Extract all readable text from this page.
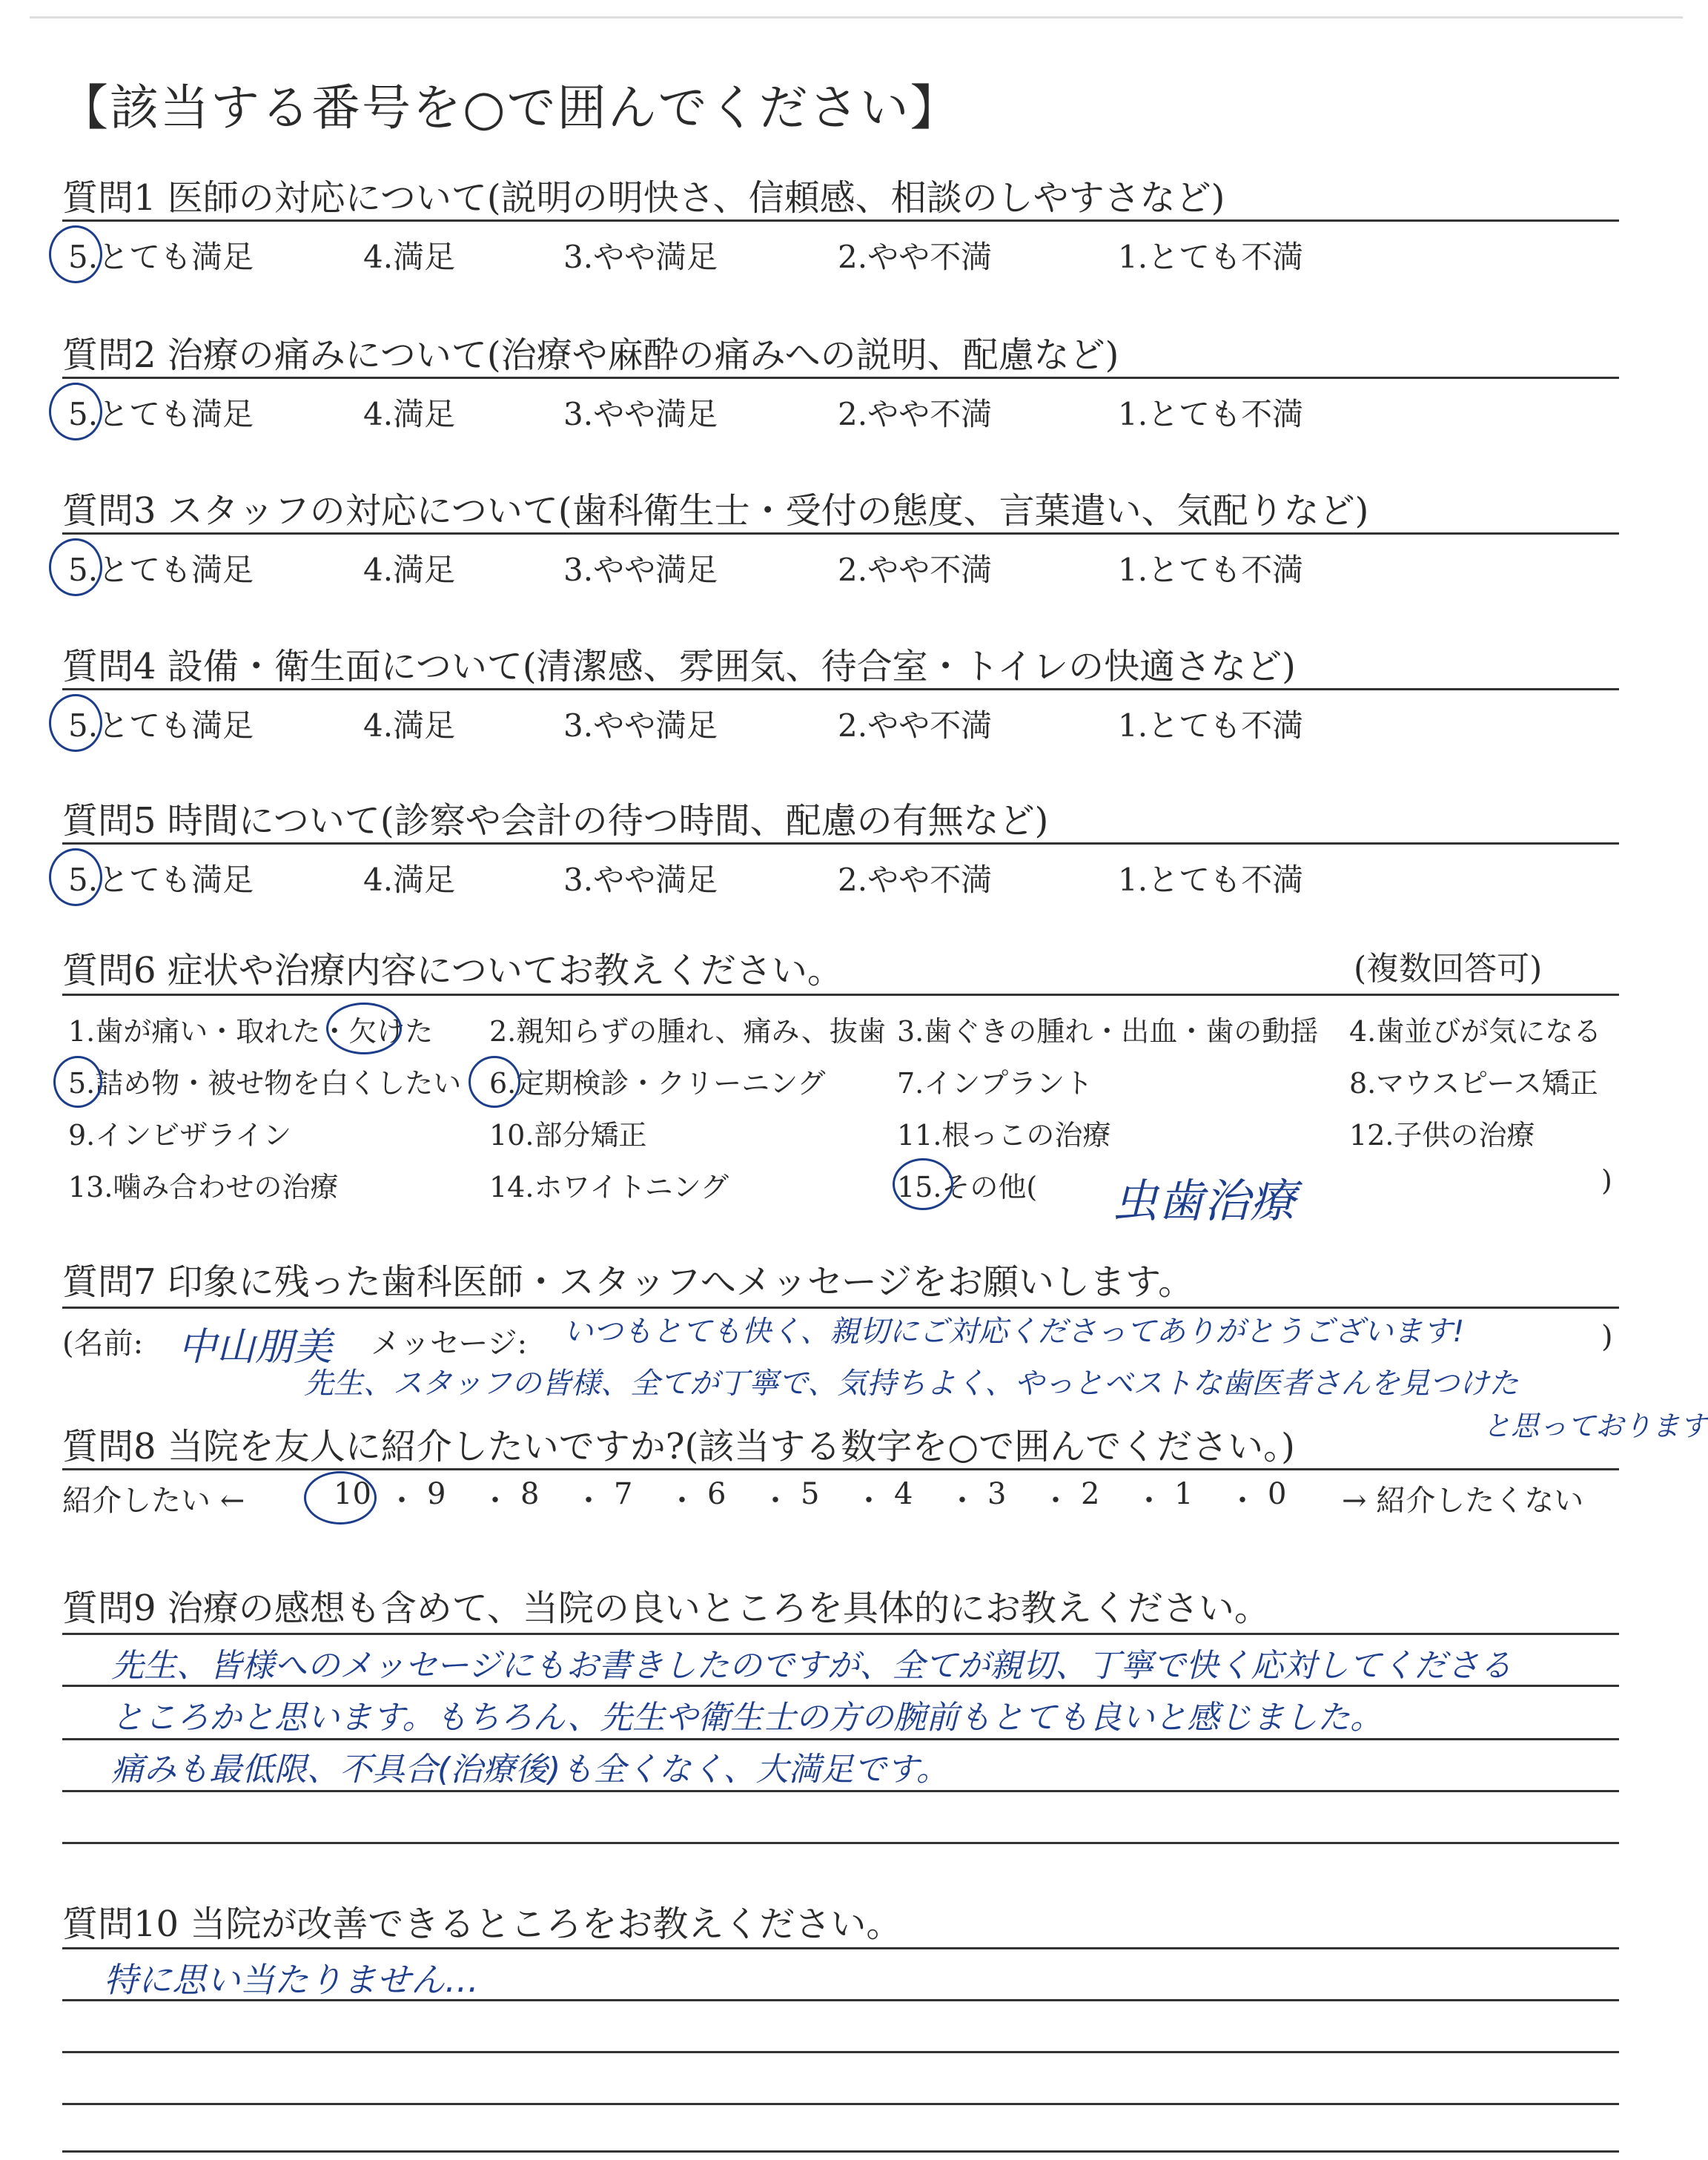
【該当する番号を○で囲んでください】
質問1 医師の対応について(説明の明快さ、信頼感、相談のしやすさなど)
5.とても満足	4.満足	3.やや満足	2.やや不満	1.とても不満
質問2 治療の痛みについて(治療や麻酔の痛みへの説明、配慮など)
5.とても満足	4.満足	3.やや満足	2.やや不満	1.とても不満
質問3 スタッフの対応について(歯科衛生士・受付の態度、言葉遣い、気配りなど)
5.とても満足	4.満足	3.やや満足	2.やや不満	1.とても不満
質問4 設備・衛生面について(清潔感、雰囲気、待合室・トイレの快適さなど)
5.とても満足	4.満足	3.やや満足	2.やや不満	1.とても不満
質問5 時間について(診察や会計の待つ時間、配慮の有無など)
5.とても満足	4.満足	3.やや満足	2.やや不満	1.とても不満
質問6 症状や治療内容についてお教えください。	(複数回答可)
1.歯が痛い・取れた・欠けた 2.親知らずの腫れ、痛み、抜歯 3.歯ぐきの腫れ・出血・歯の動揺 4.歯並びが気になる
5.詰め物・被せ物を白くしたい 6.定期検診・クリーニング	7.インプラント	8.マウスピース矯正
9.インビザライン	10.部分矯正	11.根っこの治療	12.子供の治療
13.噛み合わせの治療	14.ホワイトニング	15.その他(	)
虫歯治療
質問7 印象に残った歯科医師・スタッフへメッセージをお願いします。
(名前: 中山朋美 メッセージ: いつもとても快く、親切にご対応くださってありがとうございます!	)
先生、スタッフの皆様、全てが丁寧で、気持ちよく、やっとベストな歯医者さんを見つけた
と思っております
質問8 当院を友人に紹介したいですか?(該当する数字を○で囲んでください。)
紹介したい ←	10 ・ 9 ・ 8 ・ 7 ・ 6 ・ 5 ・ 4 ・ 3 ・ 2 ・ 1 ・ 0 → 紹介したくない
質問9 治療の感想も含めて、当院の良いところを具体的にお教えください。
先生、皆様へのメッセージにもお書きしたのですが、全てが親切、丁寧で快く応対してくださる
ところかと思います。もちろん、先生や衛生士の方の腕前もとても良いと感じました。
痛みも最低限、不具合(治療後)も全くなく、大満足です。
質問10 当院が改善できるところをお教えください。
特に思い当たりません…
